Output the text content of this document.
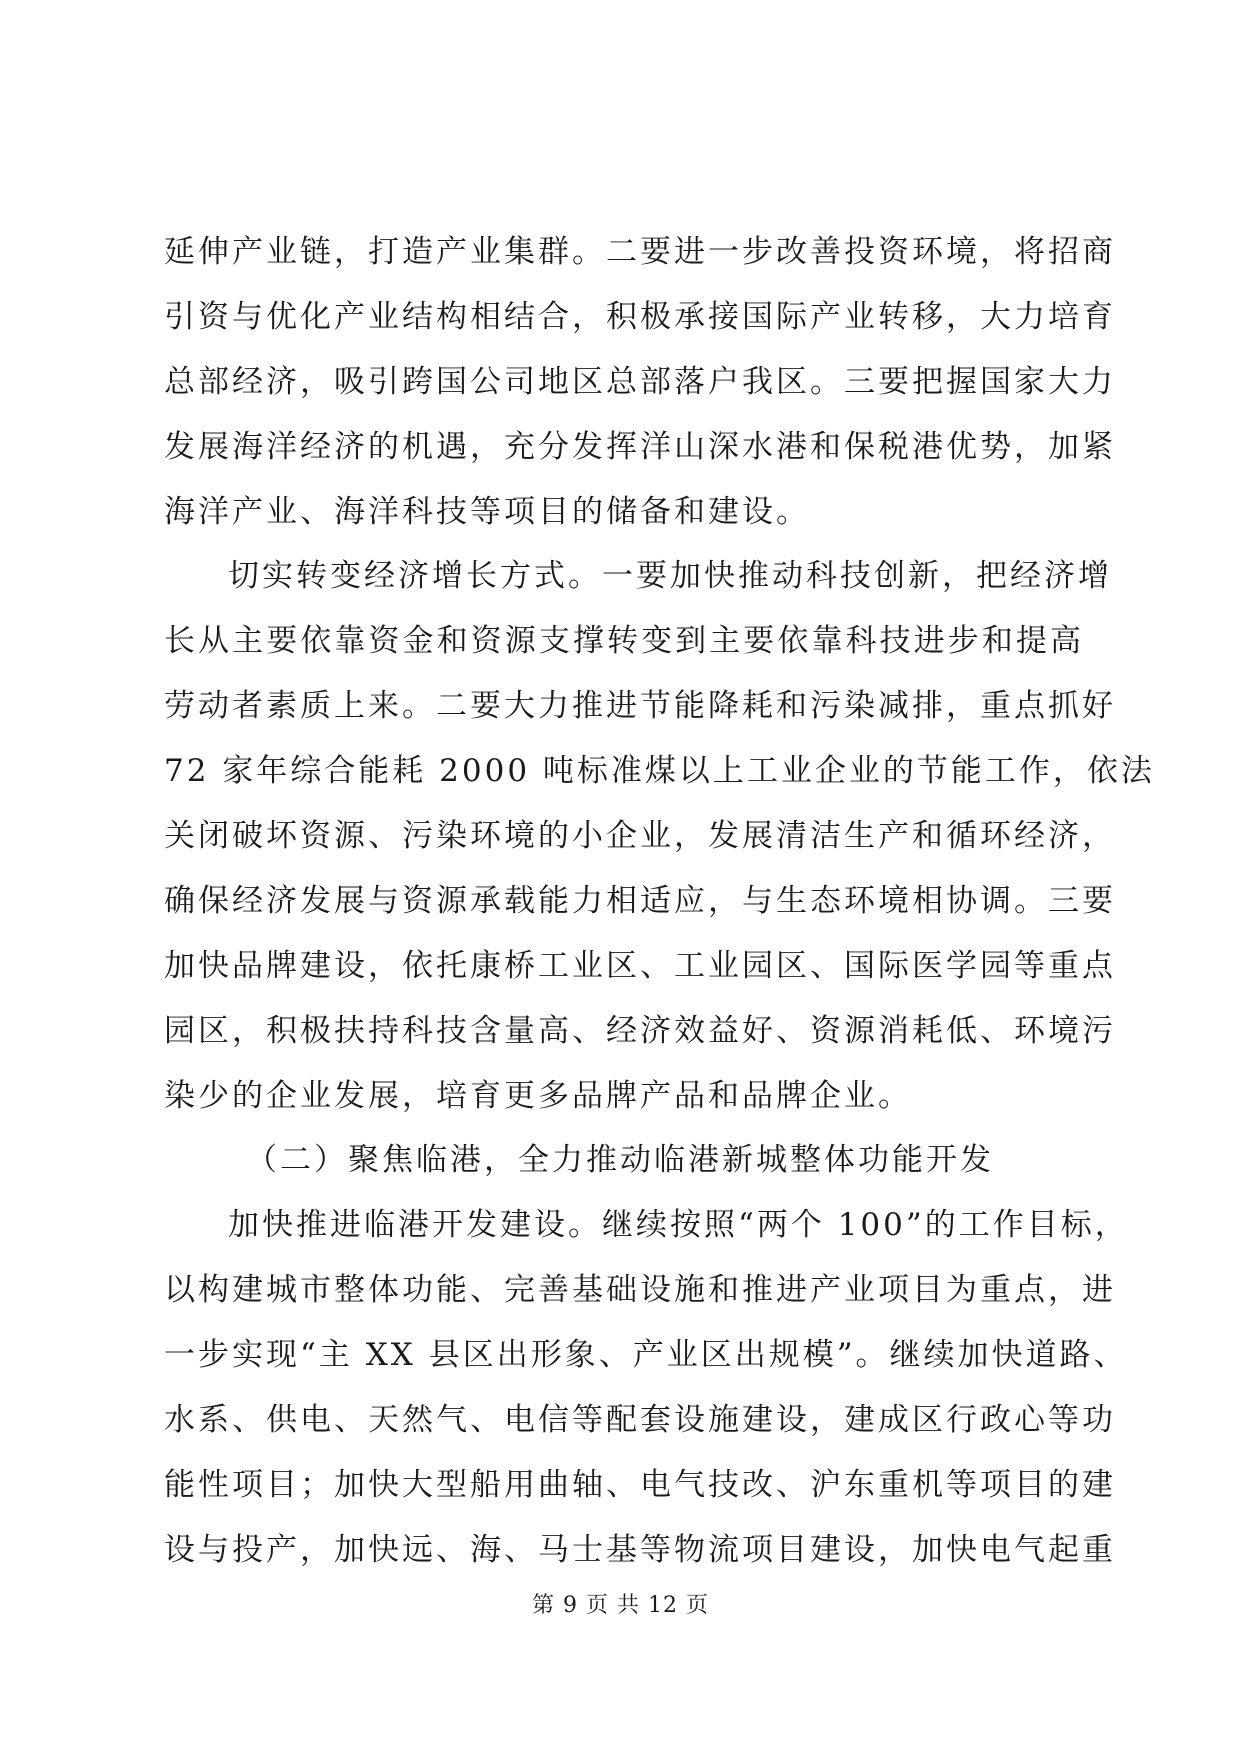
延伸产业链，打造产业集群。二要进一步改善投资环境，将招商
引资与优化产业结构相结合，积极承接国际产业转移，大力培育
总部经济，吸引跨国公司地区总部落户我区。三要把握国家大力
发展海洋经济的机遇，充分发挥洋山深水港和保税港优势，加紧
海洋产业、海洋科技等项目的储备和建设。
切实转变经济增长方式。一要加快推动科技创新，把经济增
长从主要依靠资金和资源支撑转变到主要依靠科技进步和提高
劳动者素质上来。二要大力推进节能降耗和污染减排，重点抓好
72 家年综合能耗 2000 吨标准煤以上工业企业的节能工作，依法
关闭破坏资源、污染环境的小企业，发展清洁生产和循环经济，
确保经济发展与资源承载能力相适应，与生态环境相协调。三要
加快品牌建设，依托康桥工业区、工业园区、国际医学园等重点
园区，积极扶持科技含量高、经济效益好、资源消耗低、环境污
染少的企业发展，培育更多品牌产品和品牌企业。
（二）聚焦临港，全力推动临港新城整体功能开发
加快推进临港开发建设。继续按照“两个 100”的工作目标，
以构建城市整体功能、完善基础设施和推进产业项目为重点，进
一步实现“主 XX 县区出形象、产业区出规模”。继续加快道路、
水系、供电、天然气、电信等配套设施建设，建成区行政心等功
能性项目；加快大型船用曲轴、电气技改、沪东重机等项目的建
设与投产，加快远、海、马士基等物流项目建设，加快电气起重
第 9 页 共 12 页
